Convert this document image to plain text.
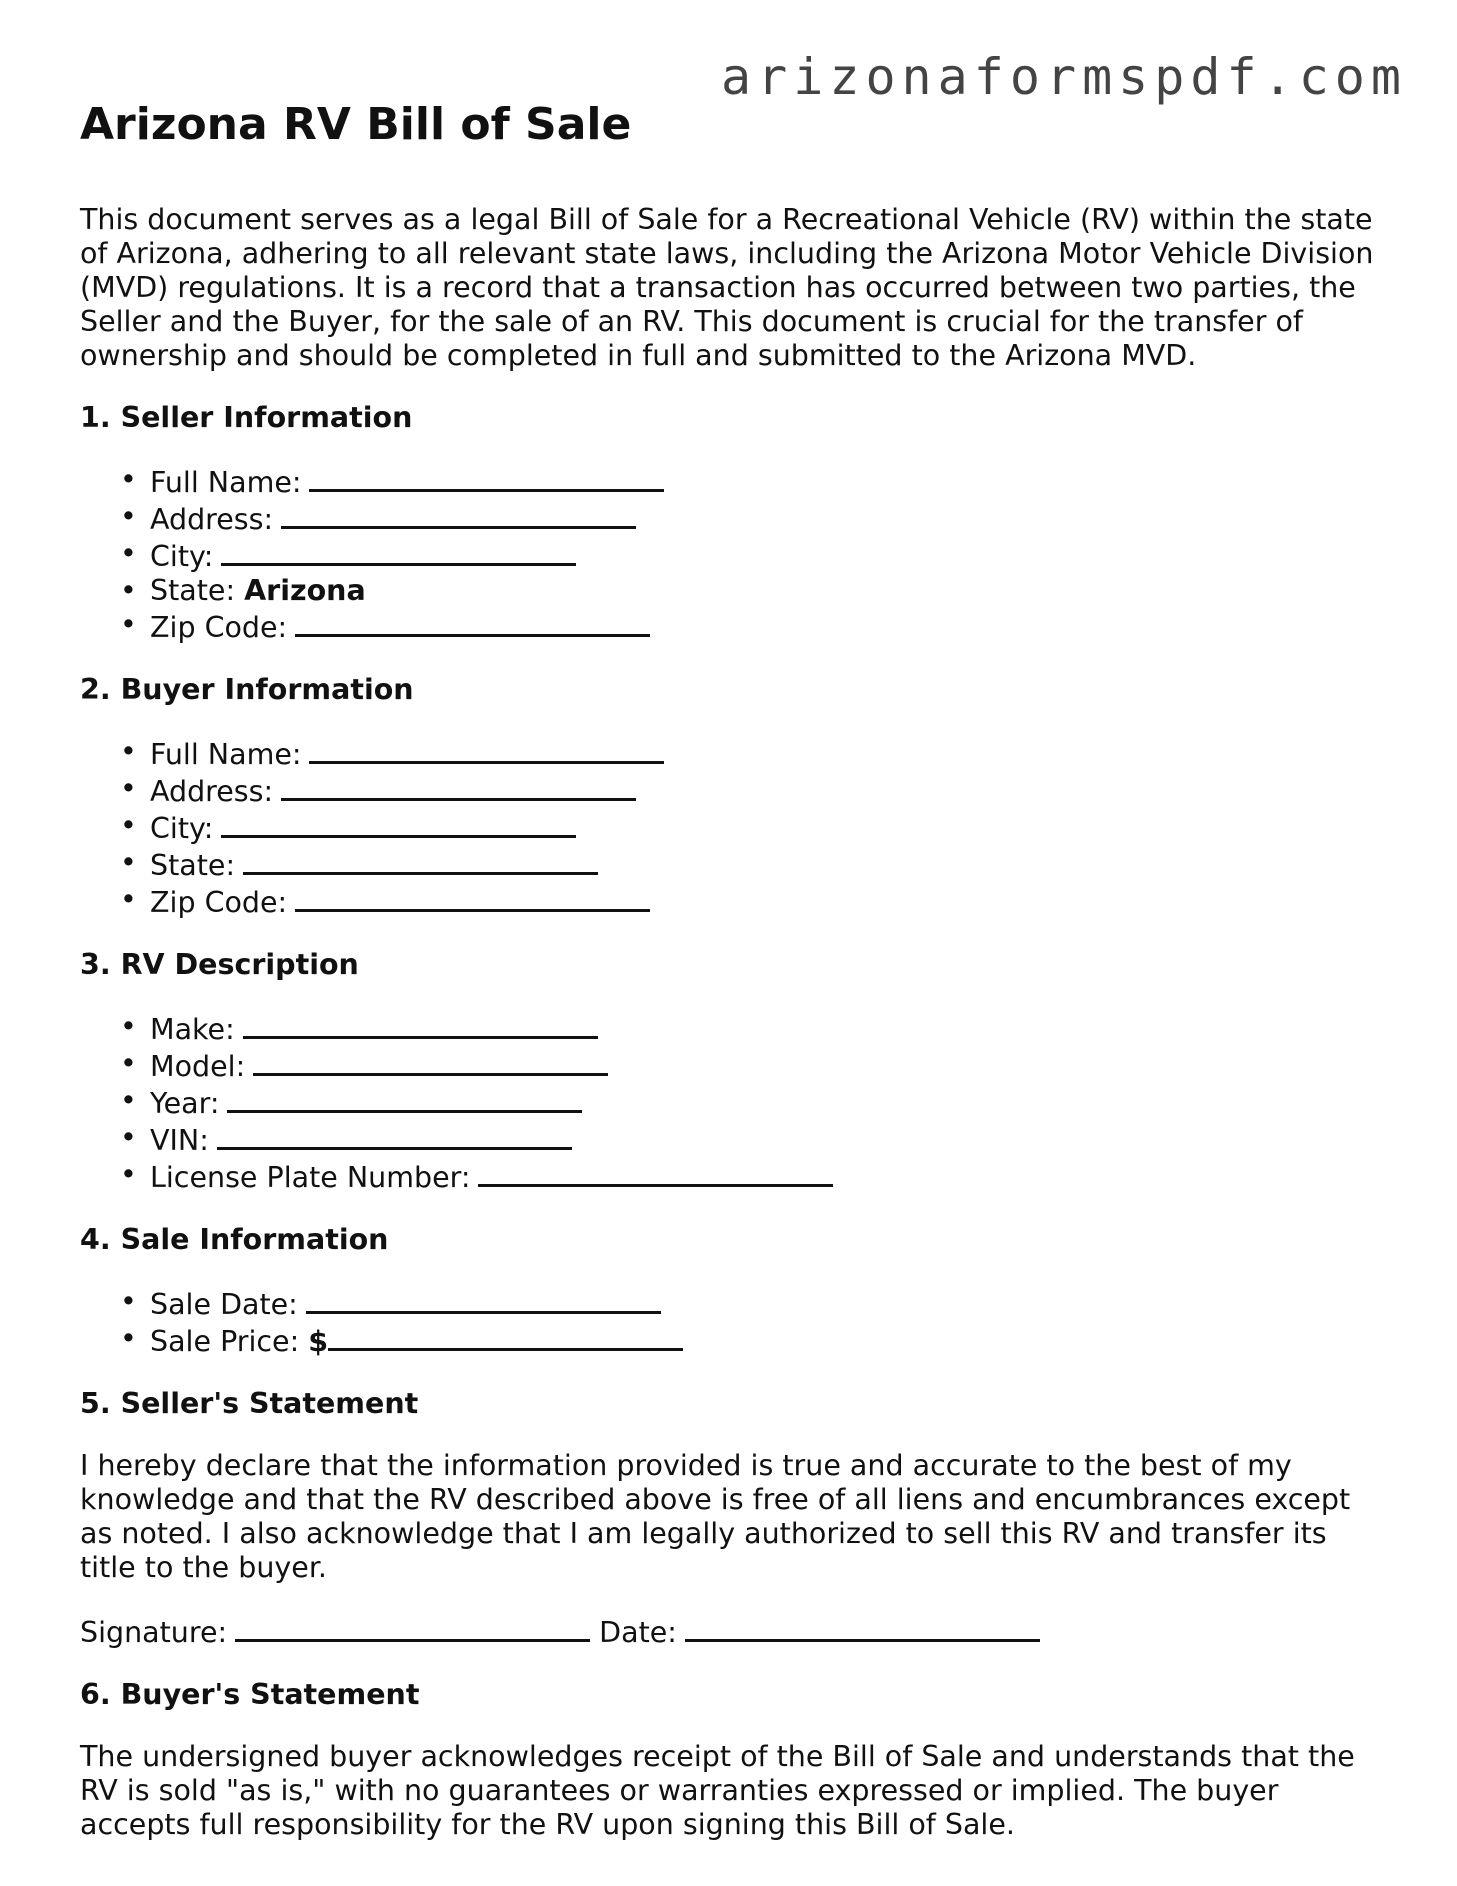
arizonaformspdf.com
Arizona RV Bill of Sale

This document serves as a legal Bill of Sale for a Recreational Vehicle (RV) within the state of Arizona, adhering to all relevant state laws, including the Arizona Motor Vehicle Division (MVD) regulations. It is a record that a transaction has occurred between two parties, the Seller and the Buyer, for the sale of an RV. This document is crucial for the transfer of ownership and should be completed in full and submitted to the Arizona MVD.

1. Seller Information
• Full Name:
• Address:
• City:
• State: Arizona
• Zip Code:
2. Buyer Information
• Full Name:
• Address:
• City:
• State:
• Zip Code:
3. RV Description
• Make:
• Model:
• Year:
• VIN:
• License Plate Number:
4. Sale Information
• Sale Date:
• Sale Price: $
5. Seller's Statement

I hereby declare that the information provided is true and accurate to the best of my knowledge and that the RV described above is free of all liens and encumbrances except as noted. I also acknowledge that I am legally authorized to sell this RV and transfer its title to the buyer.

Signature:	Date:
6. Buyer's Statement

The undersigned buyer acknowledges receipt of the Bill of Sale and understands that the RV is sold "as is," with no guarantees or warranties expressed or implied. The buyer accepts full responsibility for the RV upon signing this Bill of Sale.
